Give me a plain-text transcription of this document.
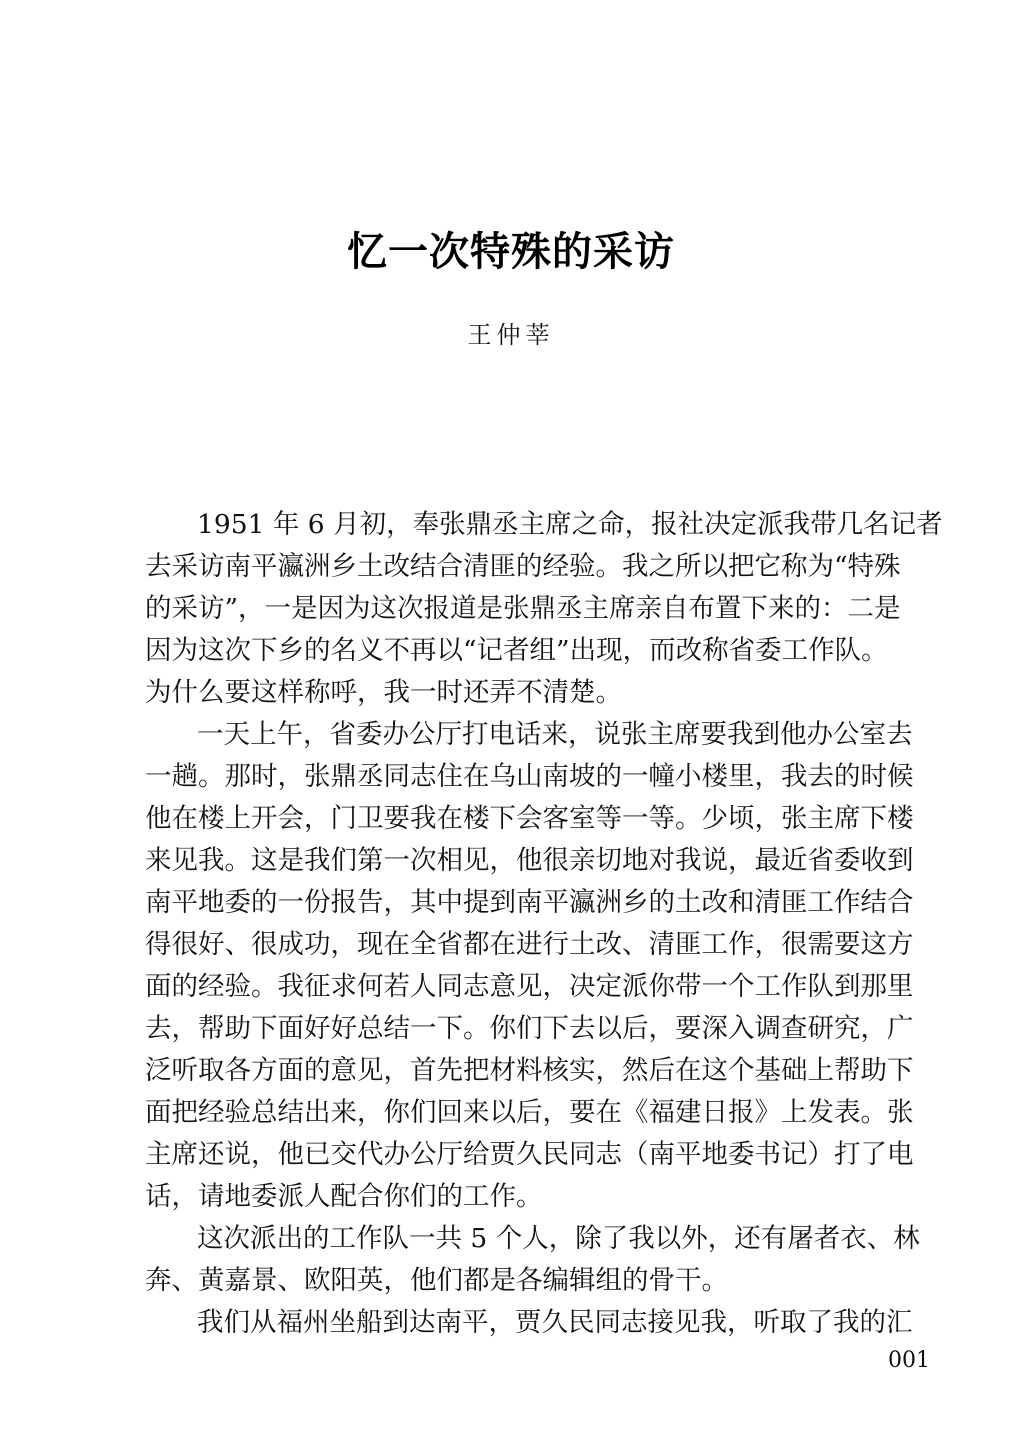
忆一次特殊的采访
王仲莘

1951 年 6 月初，奉张鼎丞主席之命，报社决定派我带几名记者
去采访南平瀛洲乡土改结合清匪的经验。我之所以把它称为“特殊
的采访”，一是因为这次报道是张鼎丞主席亲自布置下来的：二是
因为这次下乡的名义不再以“记者组”出现，而改称省委工作队。
为什么要这样称呼，我一时还弄不清楚。

一天上午，省委办公厅打电话来，说张主席要我到他办公室去
一趟。那时，张鼎丞同志住在乌山南坡的一幢小楼里，我去的时候
他在楼上开会，门卫要我在楼下会客室等一等。少顷，张主席下楼
来见我。这是我们第一次相见，他很亲切地对我说，最近省委收到
南平地委的一份报告，其中提到南平瀛洲乡的土改和清匪工作结合
得很好、很成功，现在全省都在进行土改、清匪工作，很需要这方
面的经验。我征求何若人同志意见，决定派你带一个工作队到那里
去，帮助下面好好总结一下。你们下去以后，要深入调查研究，广
泛听取各方面的意见，首先把材料核实，然后在这个基础上帮助下
面把经验总结出来，你们回来以后，要在《福建日报》上发表。张
主席还说，他已交代办公厅给贾久民同志（南平地委书记）打了电
话，请地委派人配合你们的工作。

这次派出的工作队一共 5 个人，除了我以外，还有屠者衣、林
奔、黄嘉景、欧阳英，他们都是各编辑组的骨干。

我们从福州坐船到达南平，贾久民同志接见我，听取了我的汇

001
